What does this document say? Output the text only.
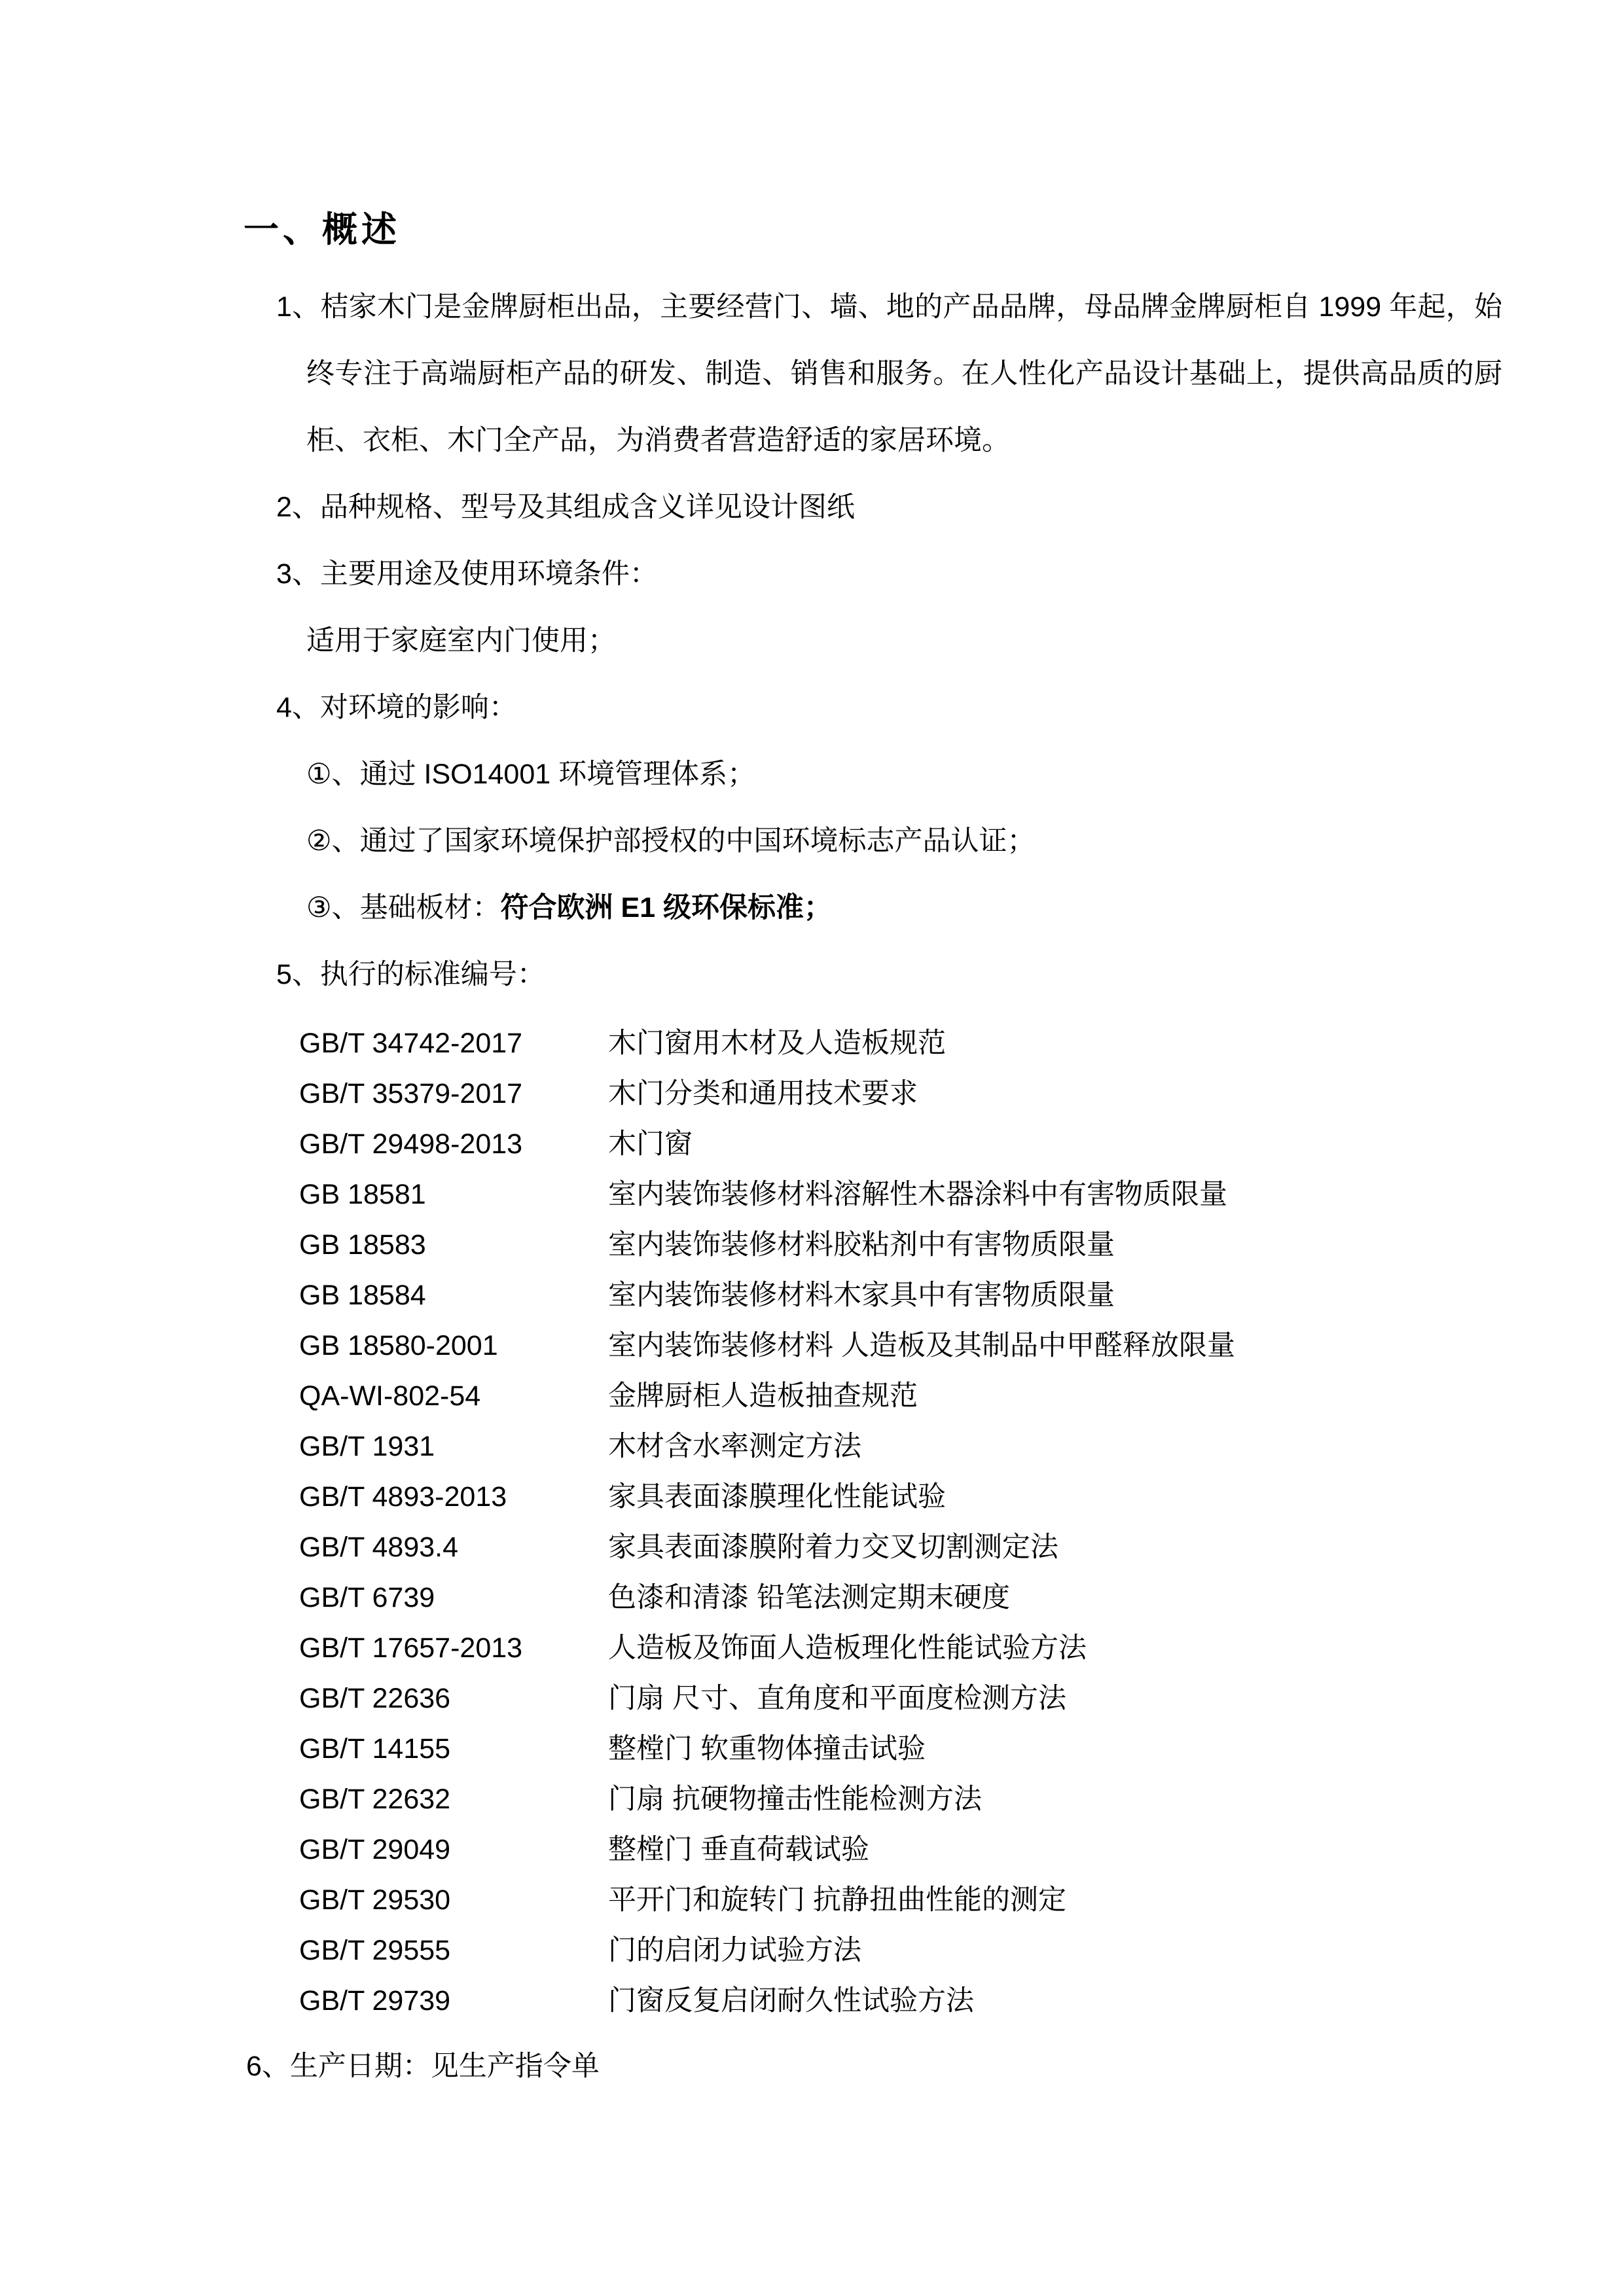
一、概述

1、桔家木门是金牌厨柜出品，主要经营门、墙、地的产品品牌，母品牌金牌厨柜自 1999 年起，始终专注于高端厨柜产品的研发、制造、销售和服务。在人性化产品设计基础上，提供高品质的厨柜、衣柜、木门全产品，为消费者营造舒适的家居环境。

2、品种规格、型号及其组成含义详见设计图纸

3、主要用途及使用环境条件：

适用于家庭室内门使用；

4、对环境的影响：

①、通过 ISO14001 环境管理体系；

②、通过了国家环境保护部授权的中国环境标志产品认证；

③、基础板材：符合欧洲 E1 级环保标准；

5、执行的标准编号：

GB/T 34742-2017	木门窗用木材及人造板规范
GB/T 35379-2017	木门分类和通用技术要求
GB/T 29498-2013	木门窗
GB 18581	室内装饰装修材料溶解性木器涂料中有害物质限量
GB 18583	室内装饰装修材料胶粘剂中有害物质限量
GB 18584	室内装饰装修材料木家具中有害物质限量
GB 18580-2001	室内装饰装修材料 人造板及其制品中甲醛释放限量
QA-WI-802-54	金牌厨柜人造板抽查规范
GB/T 1931	木材含水率测定方法
GB/T 4893-2013	家具表面漆膜理化性能试验
GB/T 4893.4	家具表面漆膜附着力交叉切割测定法
GB/T 6739	色漆和清漆 铅笔法测定期末硬度
GB/T 17657-2013	人造板及饰面人造板理化性能试验方法
GB/T 22636	门扇 尺寸、直角度和平面度检测方法
GB/T 14155	整樘门 软重物体撞击试验
GB/T 22632	门扇 抗硬物撞击性能检测方法
GB/T 29049	整樘门 垂直荷载试验
GB/T 29530	平开门和旋转门 抗静扭曲性能的测定
GB/T 29555	门的启闭力试验方法
GB/T 29739	门窗反复启闭耐久性试验方法

6、生产日期：见生产指令单
